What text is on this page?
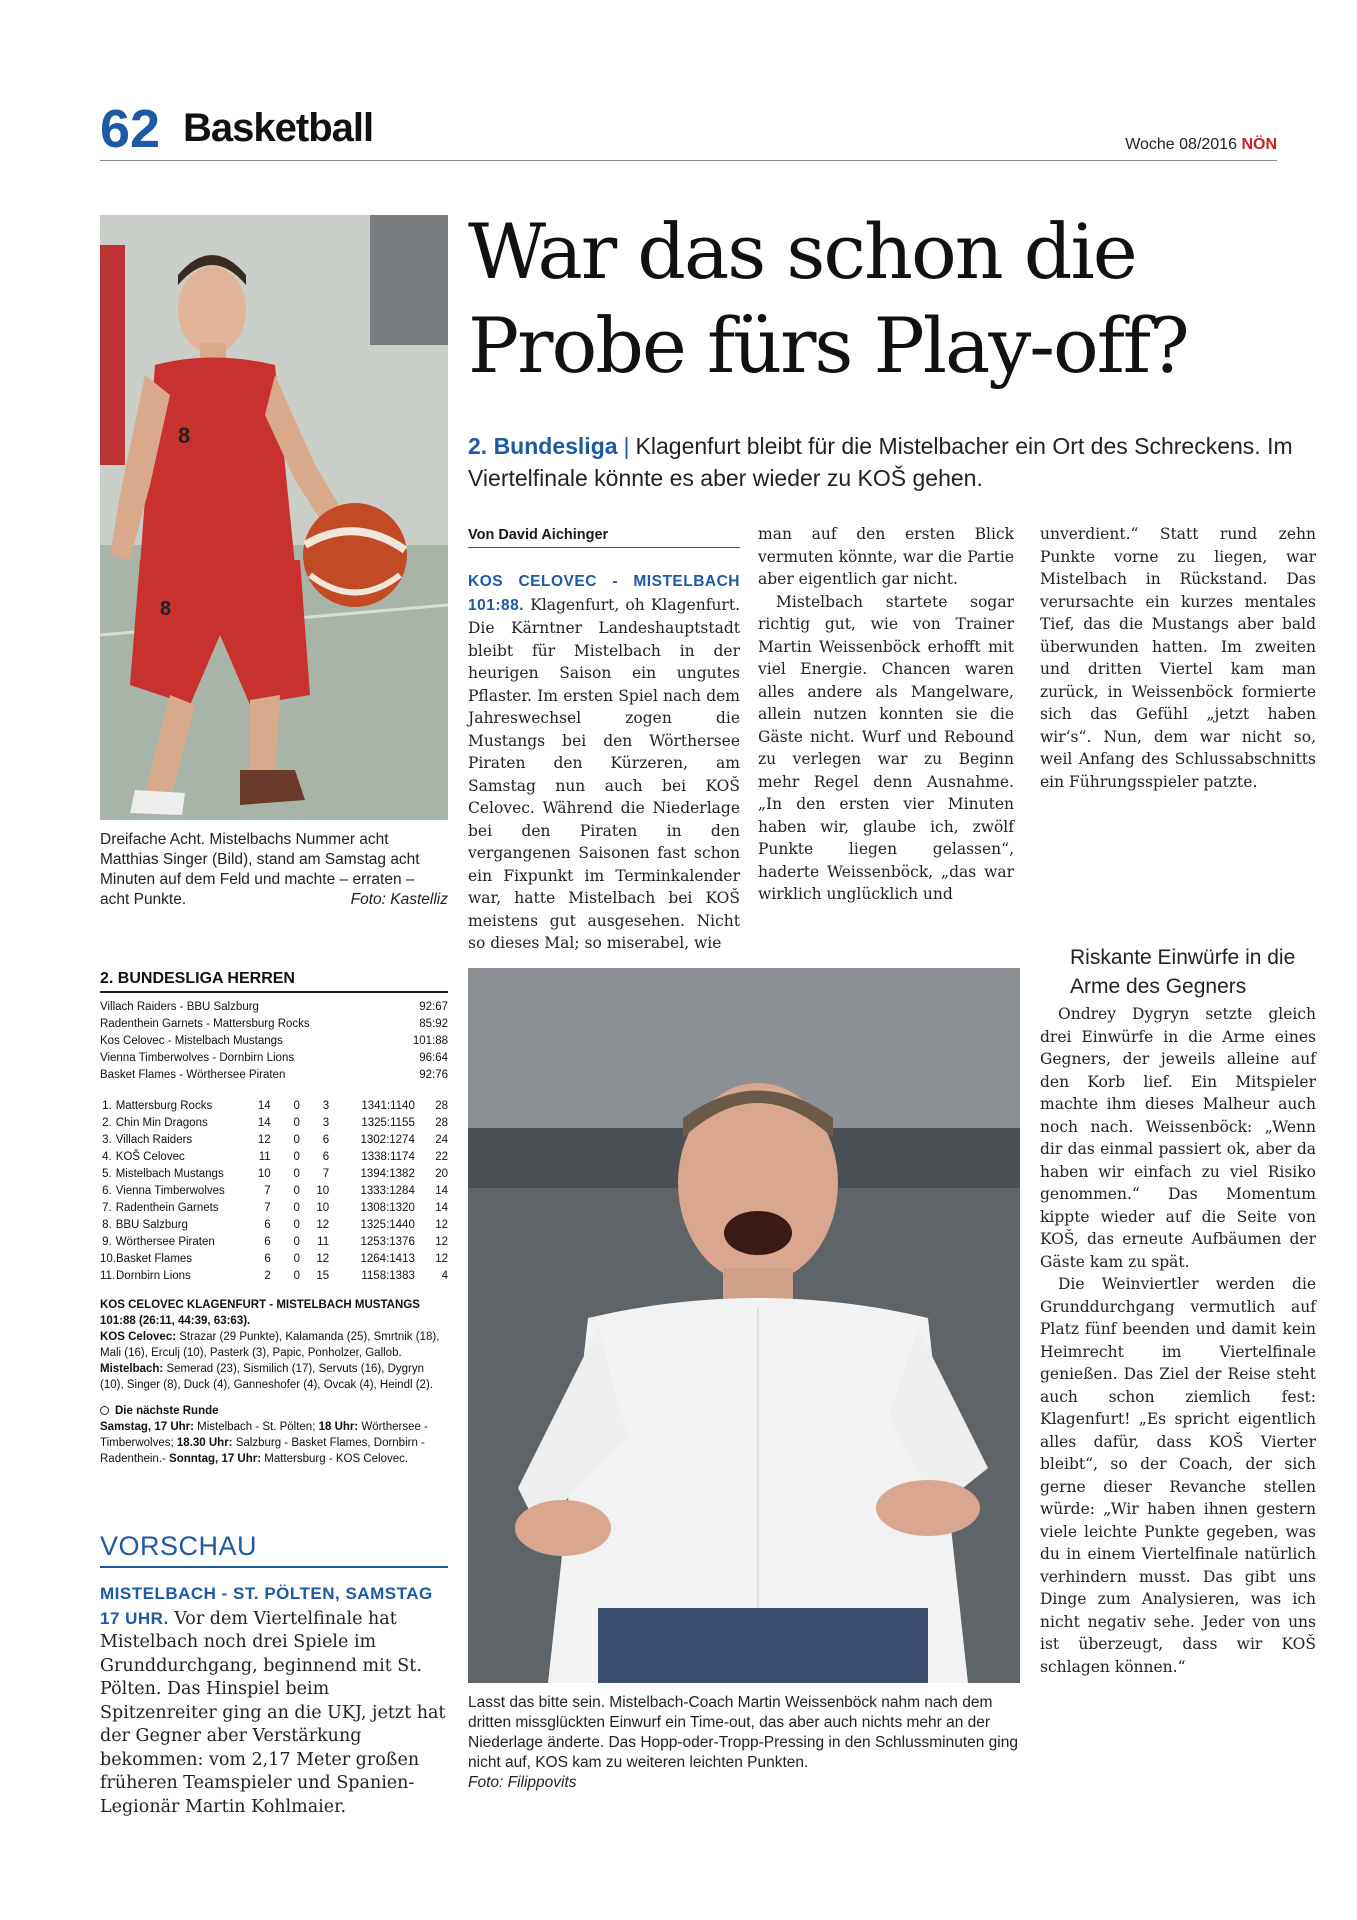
62 Basketball	Woche 08/2016 NÖN
8
8
Dreifache Acht. Mistelbachs Nummer acht Matthias Singer (Bild), stand am Samstag acht Minuten auf dem Feld und machte – erraten – acht Punkte.	Foto: Kastelliz
War das schon die
Probe fürs Play-off?
2. Bundesliga | Klagenfurt bleibt für die Mistelbacher ein Ort des Schreckens. Im Viertelfinale könnte es aber wieder zu KOŠ gehen.
Von David Aichinger

KOS CELOVEC - MISTELBACH 101:88. Klagenfurt, oh Klagenfurt. Die Kärntner Landeshauptstadt bleibt für Mistelbach in der heurigen Saison ein ungutes Pflaster. Im ersten Spiel nach dem Jahreswechsel zogen die Mustangs bei den Wörthersee Piraten den Kürzeren, am Samstag nun auch bei KOŠ Celovec. Während die Niederlage bei den Piraten in den vergangenen Saisonen fast schon ein Fixpunkt im Terminkalender war, hatte Mistelbach bei KOŠ meistens gut ausgesehen. Nicht so dieses Mal; so miserabel, wie

man auf den ersten Blick vermuten könnte, war die Partie aber eigentlich gar nicht.

Mistelbach startete sogar richtig gut, wie von Trainer Martin Weissenböck erhofft mit viel Energie. Chancen waren alles andere als Mangelware, allein nutzen konnten sie die Gäste nicht. Wurf und Rebound zu verlegen war zu Beginn mehr Regel denn Ausnahme. „In den ersten vier Minuten haben wir, glaube ich, zwölf Punkte liegen gelassen“, haderte Weissenböck, „das war wirklich unglücklich und

unverdient.“ Statt rund zehn Punkte vorne zu liegen, war Mistelbach in Rückstand. Das verursachte ein kurzes mentales Tief, das die Mustangs aber bald überwunden hatten. Im zweiten und dritten Viertel kam man zurück, in Weissenböck formierte sich das Gefühl „jetzt haben wir‘s“. Nun, dem war nicht so, weil Anfang des Schlussabschnitts ein Führungsspieler patzte.

Riskante Einwürfe in die Arme des Gegners

Ondrey Dygryn setzte gleich drei Einwürfe in die Arme eines Gegners, der jeweils alleine auf den Korb lief. Ein Mitspieler machte ihm dieses Malheur auch noch nach. Weissenböck: „Wenn dir das einmal passiert ok, aber da haben wir einfach zu viel Risiko genommen.“ Das Momentum kippte wieder auf die Seite von KOŠ, das erneute Aufbäumen der Gäste kam zu spät.

Die Weinviertler werden die Grunddurchgang vermutlich auf Platz fünf beenden und damit kein Heimrecht im Viertelfinale genießen. Das Ziel der Reise steht auch schon ziemlich fest: Klagenfurt! „Es spricht eigentlich alles dafür, dass KOŠ Vierter bleibt“, so der Coach, der sich gerne dieser Revanche stellen würde: „Wir haben ihnen gestern viele leichte Punkte gegeben, was du in einem Viertelfinale natürlich verhindern musst. Das gibt uns Dinge zum Analysieren, was ich nicht negativ sehe. Jeder von uns ist überzeugt, dass wir KOŠ schlagen können.“

Lasst das bitte sein. Mistelbach-Coach Martin Weissenböck nahm nach dem dritten missglückten Einwurf ein Time-out, das aber auch nichts mehr an der Niederlage änderte. Das Hopp-oder-Tropp-Pressing in den Schlussminuten ging nicht auf, KOS kam zu weiteren leichten Punkten.
Foto: Filippovits
2. BUNDESLIGA HERREN
Villach Raiders - BBU Salzburg	92:67
Radenthein Garnets - Mattersburg Rocks	85:92
Kos Celovec - Mistelbach Mustangs	101:88
Vienna Timberwolves - Dornbirn Lions	96:64
Basket Flames - Wörthersee Piraten	92:76
1. Mattersburg Rocks	14	0	3	1341:1140	28
2. Chin Min Dragons	14	0	3	1325:1155	28
3. Villach Raiders	12	0	6	1302:1274	24
4. KOŠ Celovec	11	0	6	1338:1174	22
5. Mistelbach Mustangs	10	0	7	1394:1382	20
6. Vienna Timberwolves	7	0	10	1333:1284	14
7. Radenthein Garnets	7	0	10	1308:1320	14
8. BBU Salzburg	6	0	12	1325:1440	12
9. Wörthersee Piraten	6	0	11	1253:1376	12
10. Basket Flames	6	0	12	1264:1413	12
11. Dornbirn Lions	2	0	15	1158:1383	4
KOS CELOVEC KLAGENFURT - MISTELBACH MUSTANGS 101:88 (26:11, 44:39, 63:63).
KOS Celovec: Strazar (29 Punkte), Kalamanda (25), Smrtnik (18), Mali (16), Erculj (10), Pasterk (3), Papic, Ponholzer, Gallob.
Mistelbach: Semerad (23), Sismilich (17), Servuts (16), Dygryn (10), Singer (8), Duck (4), Ganneshofer (4), Ovcak (4), Heindl (2).
Die nächste Runde
Samstag, 17 Uhr: Mistelbach - St. Pölten; 18 Uhr: Wörthersee - Timberwolves; 18.30 Uhr: Salzburg - Basket Flames, Dornbirn - Radenthein.- Sonntag, 17 Uhr: Mattersburg - KOS Celovec.
VORSCHAU
MISTELBACH - ST. PÖLTEN, SAMSTAG 17 UHR. Vor dem Viertelfinale hat Mistelbach noch drei Spiele im Grunddurchgang, beginnend mit St. Pölten. Das Hinspiel beim Spitzenreiter ging an die UKJ, jetzt hat der Gegner aber Verstärkung bekommen: vom 2,17 Meter großen früheren Teamspieler und Spanien-Legionär Martin Kohlmaier.
